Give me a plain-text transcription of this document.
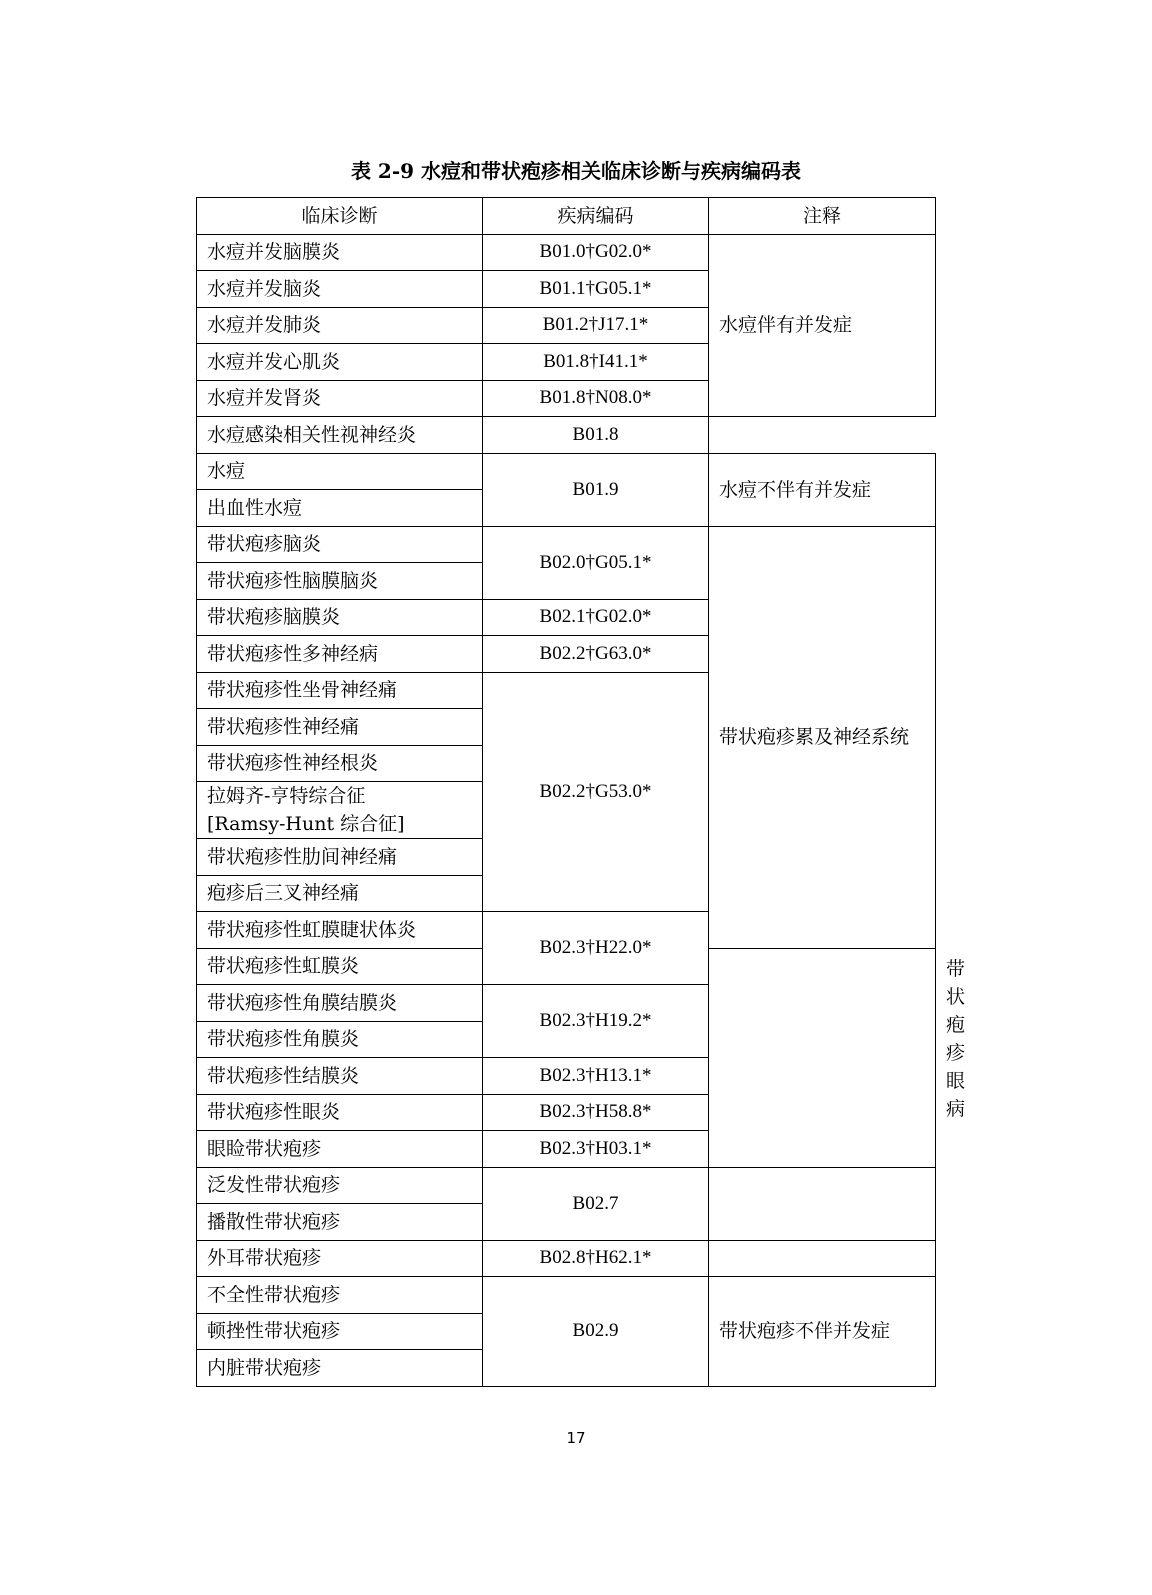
表 2-9 水痘和带状疱疹相关临床诊断与疾病编码表
临床诊断	疾病编码	注释	
水痘并发脑膜炎	B01.0†G02.0*	水痘伴有并发症	
水痘并发脑炎	B01.1†G05.1*		
水痘并发肺炎	B01.2†J17.1*		
水痘并发心肌炎	B01.8†I41.1*		
水痘并发肾炎	B01.8†N08.0*		
水痘感染相关性视神经炎	B01.8		
水痘	B01.9	水痘不伴有并发症	
出血性水痘			
带状疱疹脑炎	B02.0†G05.1*	带状疱疹累及神经系统	
带状疱疹性脑膜脑炎			
带状疱疹脑膜炎	B02.1†G02.0*		
带状疱疹性多神经病	B02.2†G63.0*		
带状疱疹性坐骨神经痛	B02.2†G53.0*		
带状疱疹性神经痛			
带状疱疹性神经根炎			
拉姆齐-亨特综合征
[Ramsy-Hunt 综合征]			
带状疱疹性肋间神经痛			
疱疹后三叉神经痛			
带状疱疹性虹膜睫状体炎	B02.3†H22.0*		带状疱疹眼病
带状疱疹性虹膜炎			
带状疱疹性角膜结膜炎	B02.3†H19.2*		
带状疱疹性角膜炎			
带状疱疹性结膜炎	B02.3†H13.1*		
带状疱疹性眼炎	B02.3†H58.8*		
眼睑带状疱疹	B02.3†H03.1*		
泛发性带状疱疹	B02.7		
播散性带状疱疹			
外耳带状疱疹	B02.8†H62.1*		
不全性带状疱疹	B02.9	带状疱疹不伴并发症	
顿挫性带状疱疹			
内脏带状疱疹			
17
